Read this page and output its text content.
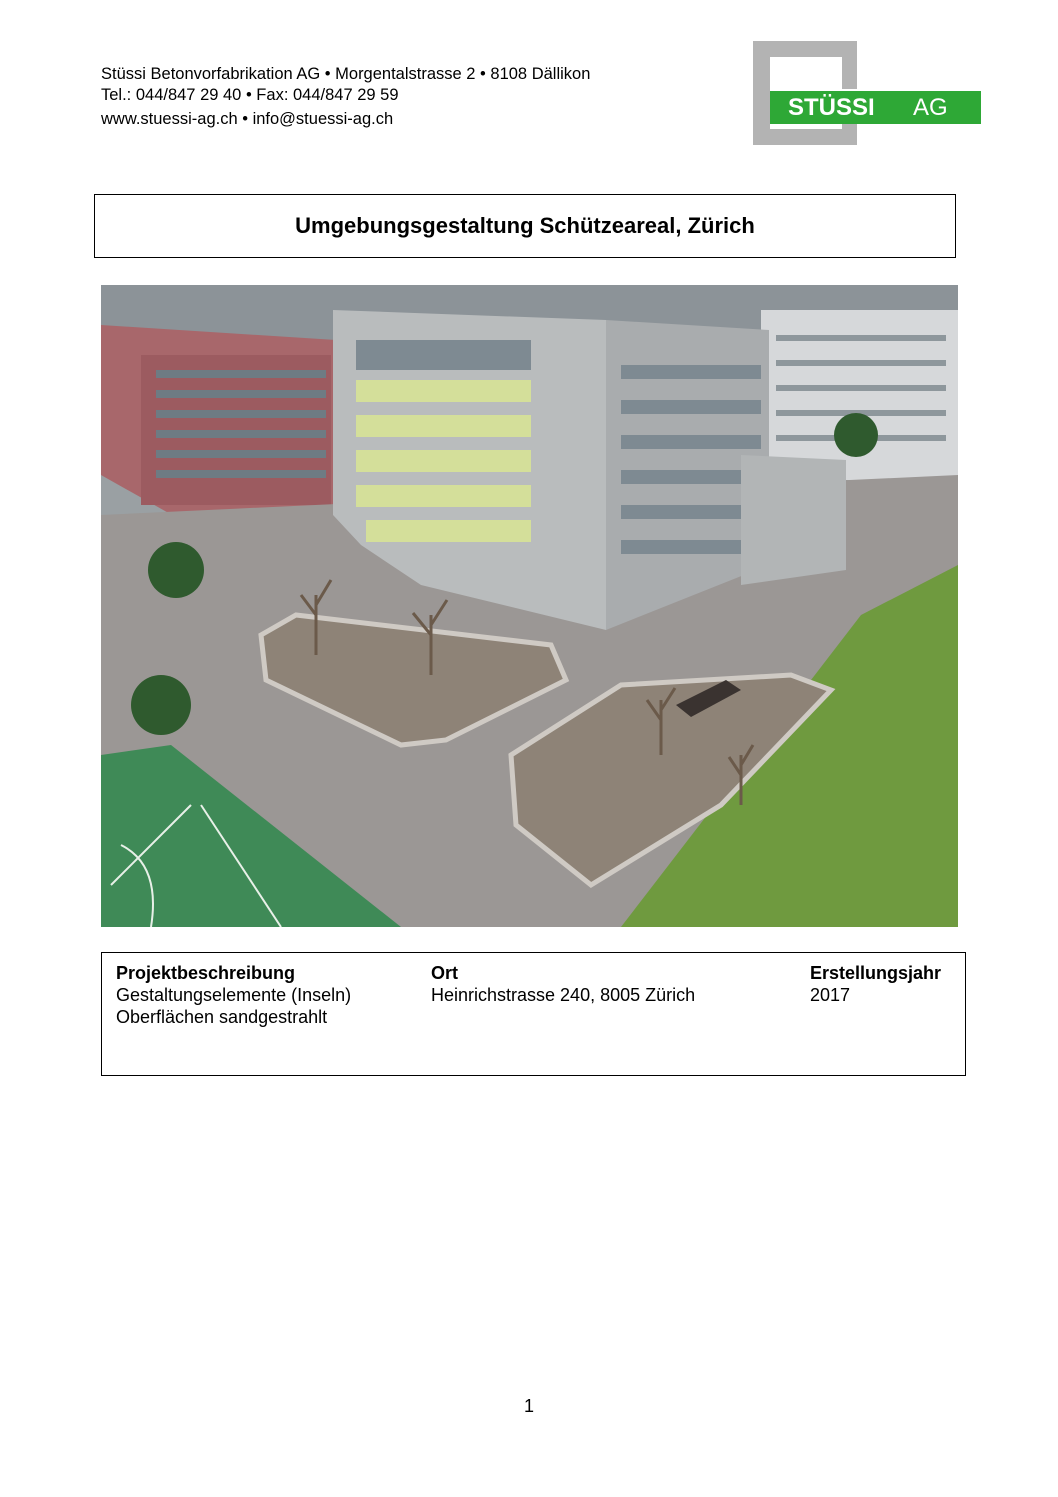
Stüssi Betonvorfabrikation AG • Morgentalstrasse 2 • 8108 Dällikon
Tel.: 044/847 29 40 • Fax: 044/847 29 59
www.stuessi-ag.ch • info@stuessi-ag.ch	STÜSSI AG
Umgebungsgestaltung Schützeareal, Zürich
Projektbeschreibung
Gestaltungselemente (Inseln)
Oberflächen sandgestrahlt
Ort
Heinrichstrasse 240, 8005 Zürich
Erstellungsjahr
2017
1
